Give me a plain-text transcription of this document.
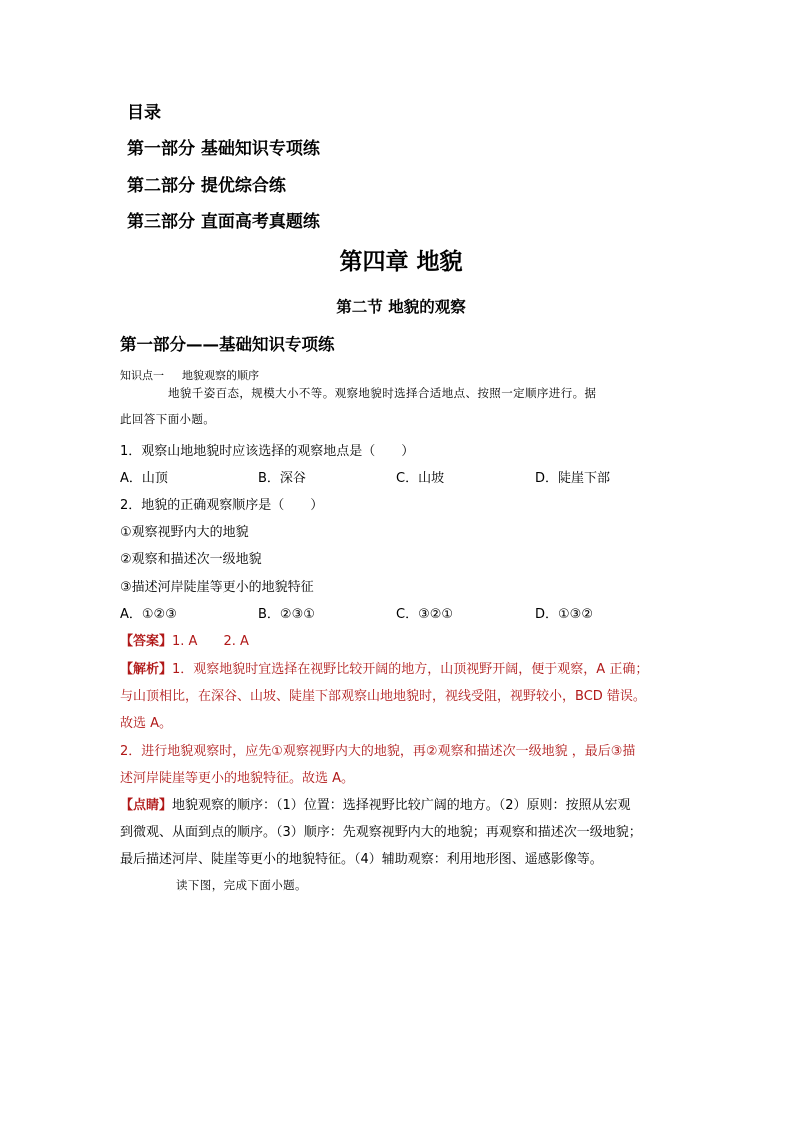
目录
第一部分 基础知识专项练
第二部分 提优综合练
第三部分 直面高考真题练
第四章 地貌
第二节 地貌的观察
第一部分——基础知识专项练
知识点一 地貌观察的顺序
地貌千姿百态，规模大小不等。观察地貌时选择合适地点、按照一定顺序进行。据
此回答下面小题。
1．观察山地地貌时应该选择的观察地点是（　　）
A．山顶	B．深谷	C．山坡	D．陡崖下部
2．地貌的正确观察顺序是（　　）
①观察视野内大的地貌
②观察和描述次一级地貌
③描述河岸陡崖等更小的地貌特征
A．①②③	B．②③①	C．③②①	D．①③②
【答案】1. A　　2. A
【解析】1．观察地貌时宜选择在视野比较开阔的地方，山顶视野开阔，便于观察，A 正确；
与山顶相比，在深谷、山坡、陡崖下部观察山地地貌时，视线受阻，视野较小，BCD 错误。
故选 A。
2．进行地貌观察时，应先①观察视野内大的地貌，再②观察和描述次一级地貌 ，最后③描
述河岸陡崖等更小的地貌特征。故选 A。
【点睛】地貌观察的顺序：（1）位置：选择视野比较广阔的地方。（2）原则：按照从宏观
到微观、从面到点的顺序。（3）顺序：先观察视野内大的地貌；再观察和描述次一级地貌；
最后描述河岸、陡崖等更小的地貌特征。（4）辅助观察：利用地形图、遥感影像等。
读下图，完成下面小题。
